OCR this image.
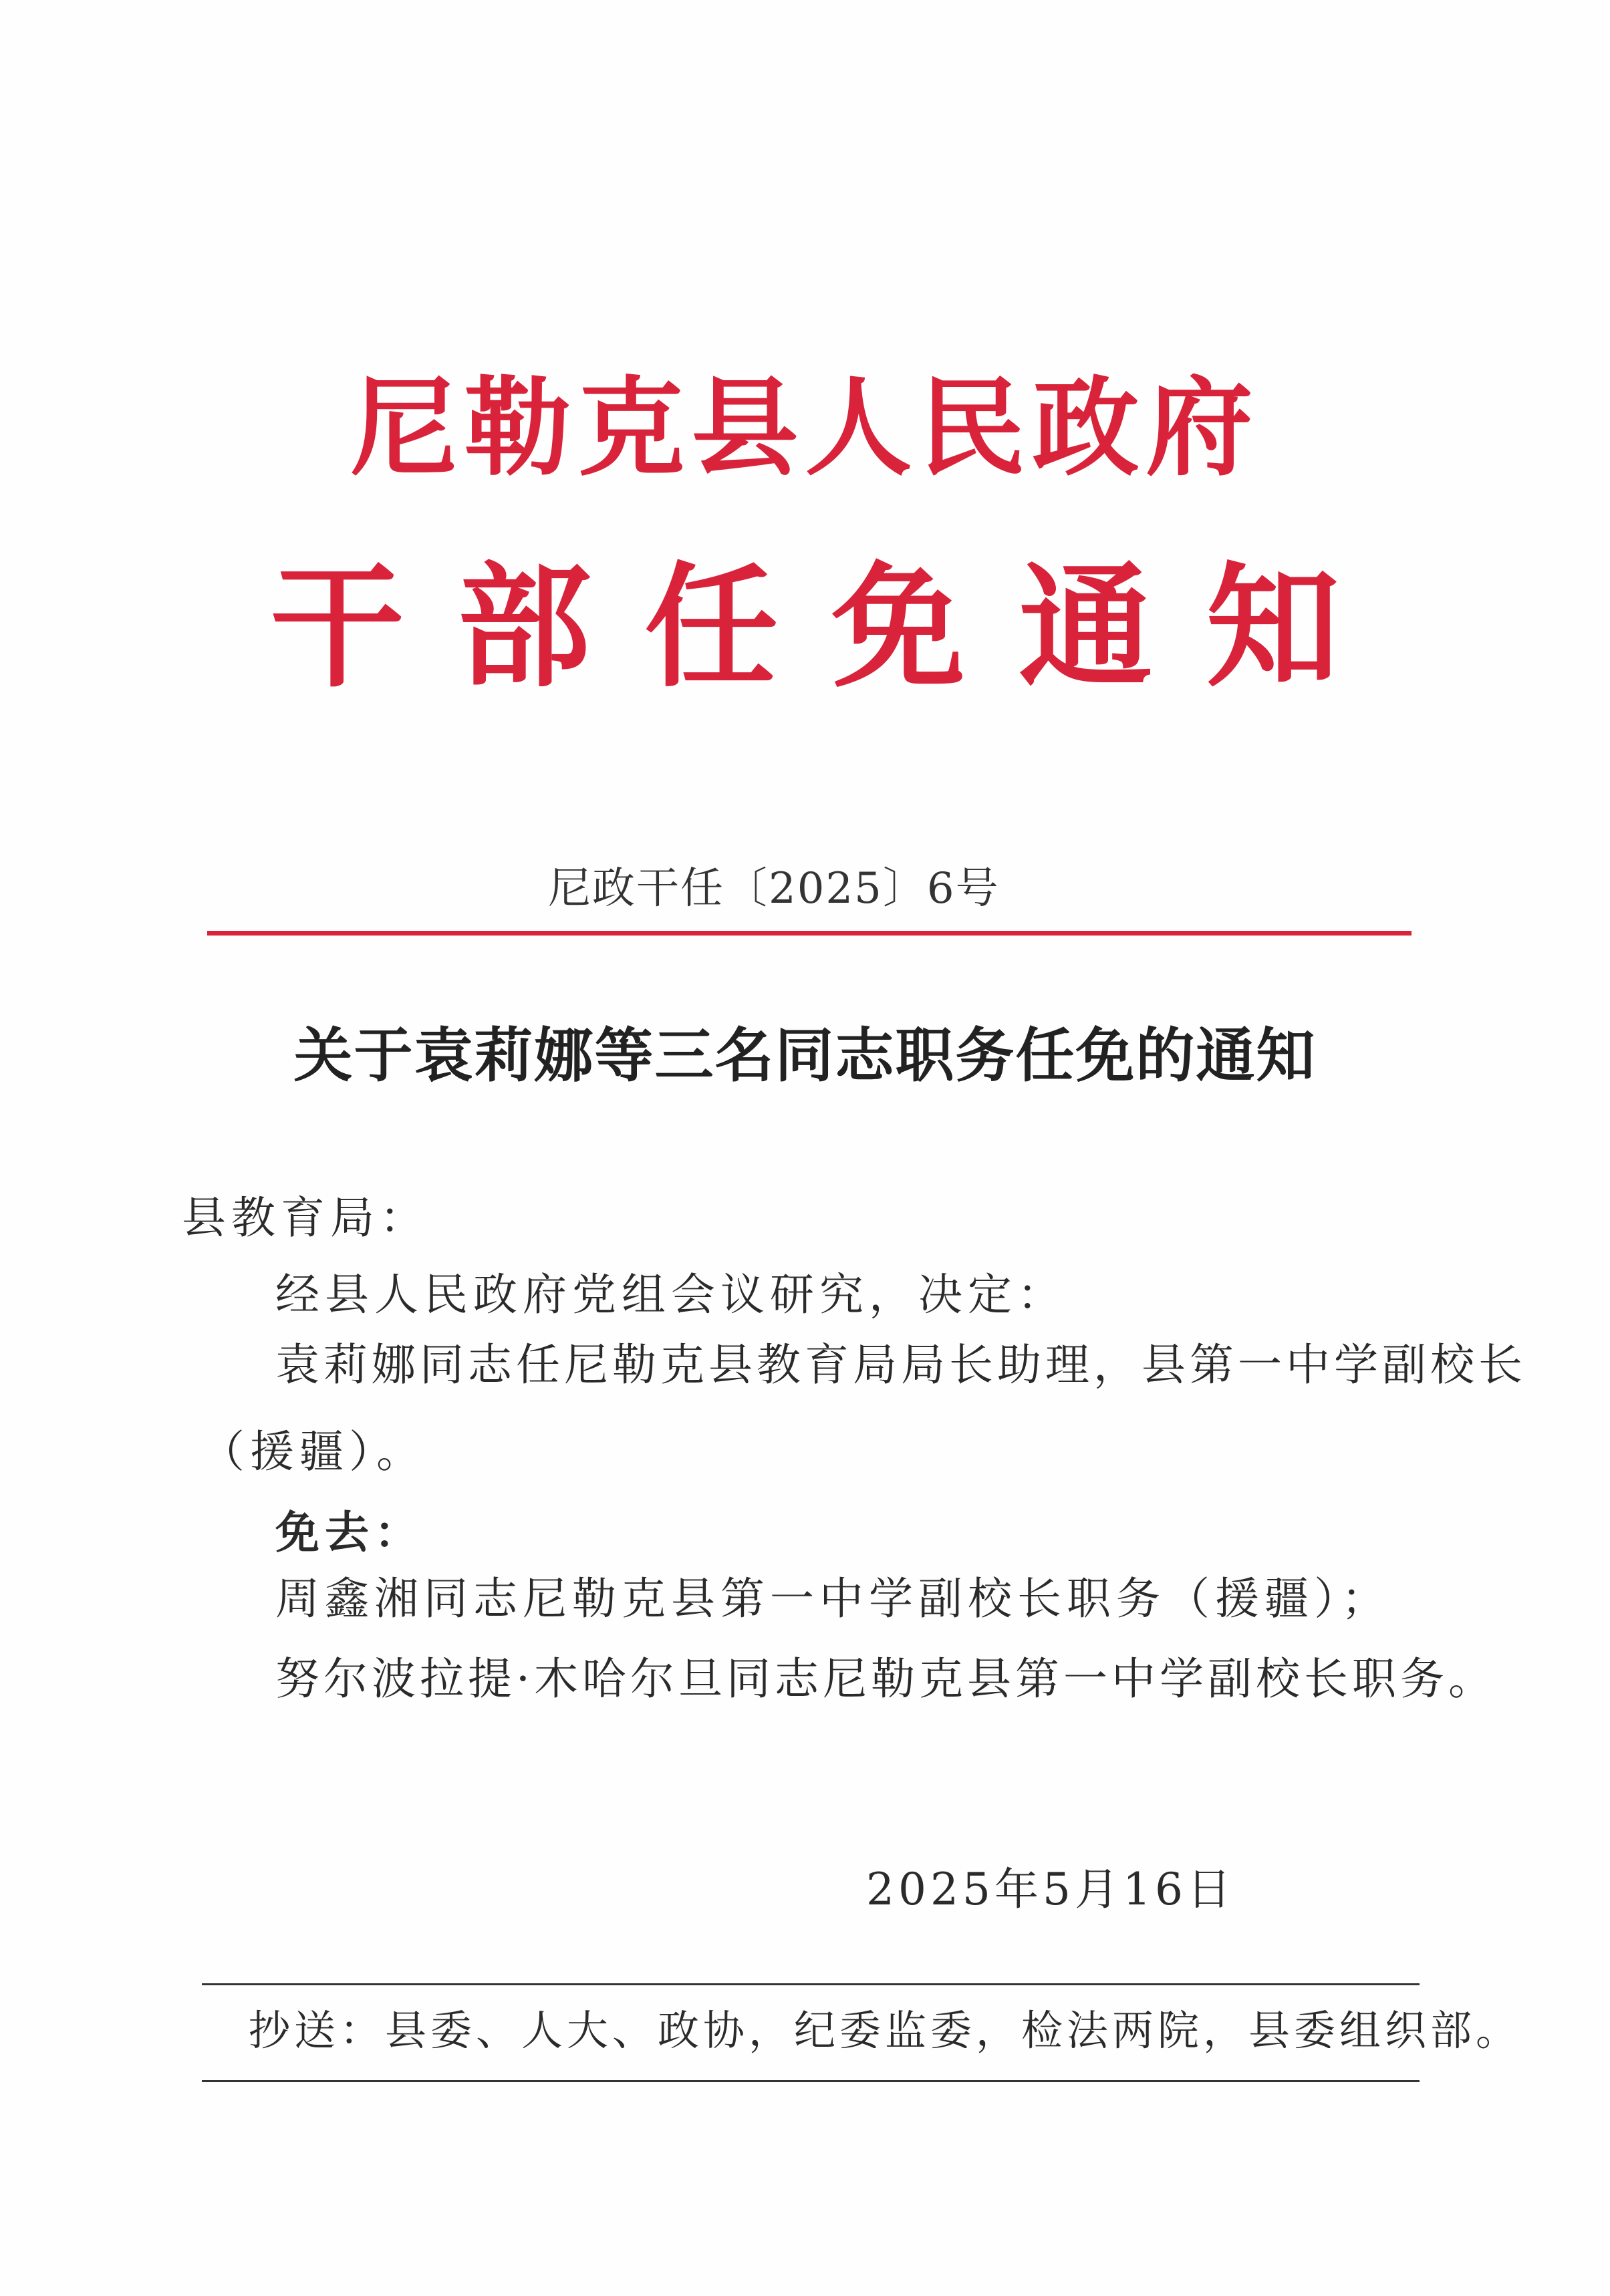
尼勒克县人民政府
干部任免通知
尼政干任〔2025〕6号
关于袁莉娜等三名同志职务任免的通知
县教育局：
经县人民政府党组会议研究，决定：
袁莉娜同志任尼勒克县教育局局长助理，县第一中学副校长
（援疆）。
免去：
周鑫湘同志尼勒克县第一中学副校长职务（援疆）；
努尔波拉提·木哈尔旦同志尼勒克县第一中学副校长职务。
2025年5月16日
抄送：县委、人大、政协，纪委监委，检法两院，县委组织部。
